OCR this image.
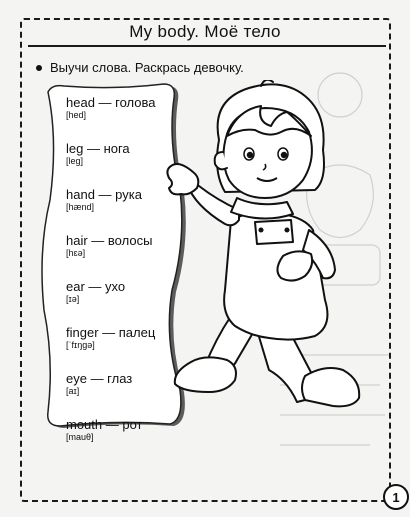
My body. Моё тело
Выучи слова. Раскрась девочку.
head — голова
[hed]
leg — нога
[leg]
hand — рука
[hænd]
hair — волосы
[hɛə]
ear — ухо
[ɪə]
finger — палец
[ˈfɪŋgə]
eye — глаз
[aɪ]
mouth — рот
[mauθ]
1
